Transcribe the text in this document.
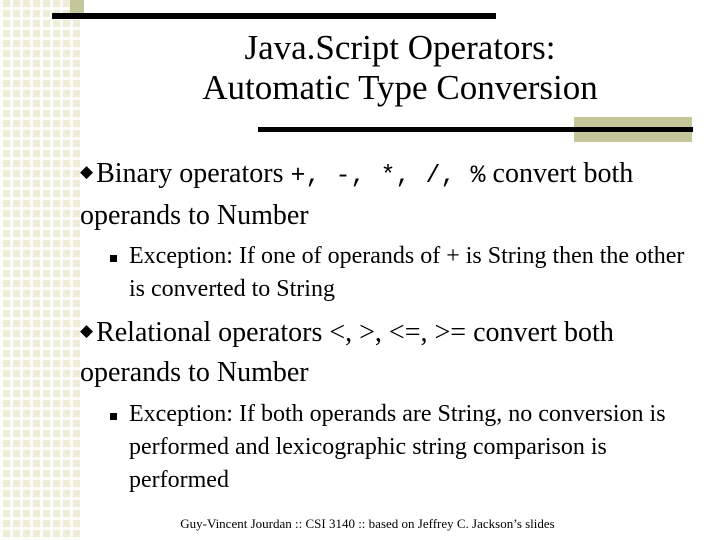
Java.Script Operators:
Automatic Type Conversion
◆ Binary operators +, -, *, /, % convert both operands to Number
Exception: If one of operands of + is String then the other is converted to String
◆ Relational operators <, >, <=, >= convert both operands to Number
Exception: If both operands are String, no conversion is performed and lexicographic string comparison is performed
Guy-Vincent Jourdan :: CSI 3140 :: based on Jeffrey C. Jackson’s slides
